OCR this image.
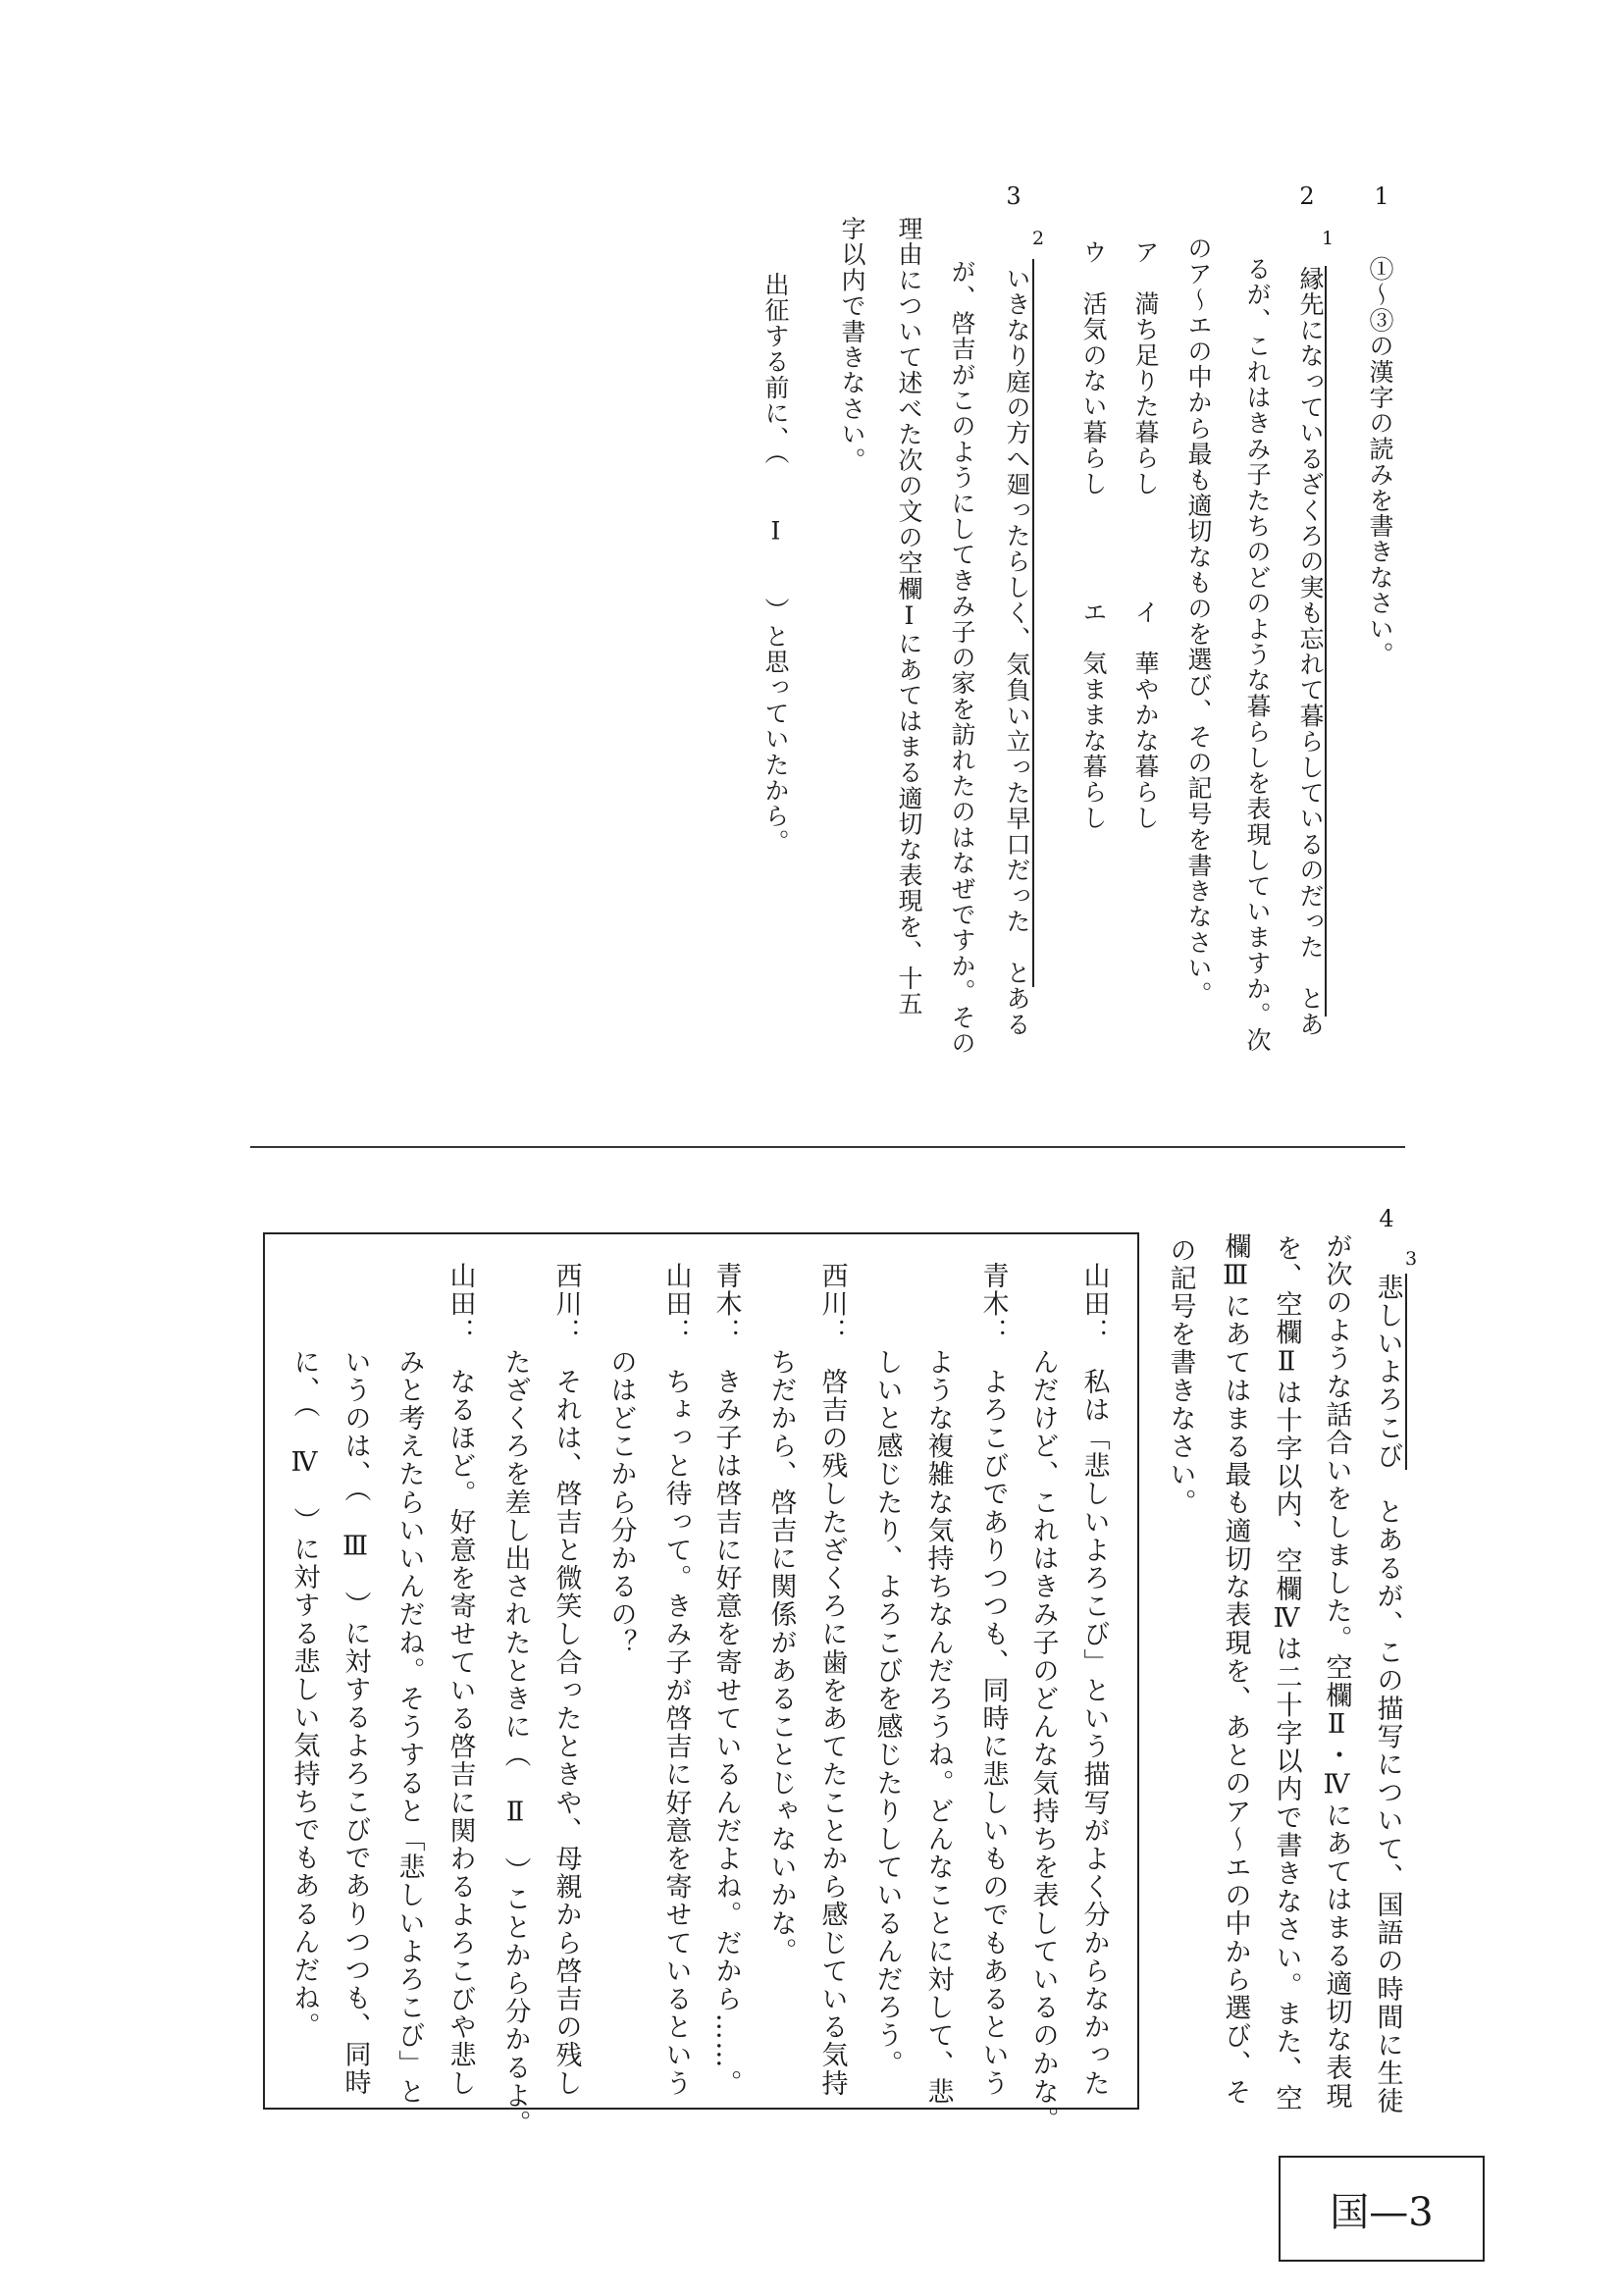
1
①～③の漢字の読みを書きなさい。
2
1
縁先になっているざくろの実も忘れて暮らしているのだった　とあ
るが、これはきみ子たちのどのような暮らしを表現していますか。次
のア～エの中から最も適切なものを選び、その記号を書きなさい。
ア　満ち足りた暮らし　　　　イ　華やかな暮らし
ウ　活気のない暮らし　　　　エ　気ままな暮らし
3
2
いきなり庭の方へ廻ったらしく、気負い立った早口だった　とある
が、啓吉がこのようにしてきみ子の家を訪れたのはなぜですか。その
理由について述べた次の文の空欄Ⅰにあてはまる適切な表現を、十五
字以内で書きなさい。
出征する前に、（　　Ⅰ　　）と思っていたから。
4
3
悲しいよろこび　とあるが、この描写について、国語の時間に生徒
が次のような話合いをしました。空欄Ⅱ・Ⅳにあてはまる適切な表現
を、空欄Ⅱは十字以内、空欄Ⅳは二十字以内で書きなさい。また、空
欄Ⅲにあてはまる最も適切な表現を、あとのア～エの中から選び、そ
の記号を書きなさい。
山田：
私は「悲しいよろこび」という描写がよく分からなかった
んだけど、これはきみ子のどんな気持ちを表しているのかな。
青木：
よろこびでありつつも、同時に悲しいものでもあるという
ような複雑な気持ちなんだろうね。どんなことに対して、悲
しいと感じたり、よろこびを感じたりしているんだろう。
西川：
啓吉の残したざくろに歯をあてたことから感じている気持
ちだから、啓吉に関係があることじゃないかな。
青木：
きみ子は啓吉に好意を寄せているんだよね。だから……。
山田：
ちょっと待って。きみ子が啓吉に好意を寄せているという
のはどこから分かるの？
西川：
それは、啓吉と微笑し合ったときや、母親から啓吉の残し
たざくろを差し出されたときに（　Ⅱ　）ことから分かるよ。
山田：
なるほど。好意を寄せている啓吉に関わるよろこびや悲し
みと考えたらいいんだね。そうすると「悲しいよろこび」と
いうのは、（　Ⅲ　）に対するよろこびでありつつも、同時
に、（　Ⅳ　）に対する悲しい気持ちでもあるんだね。
国—3
